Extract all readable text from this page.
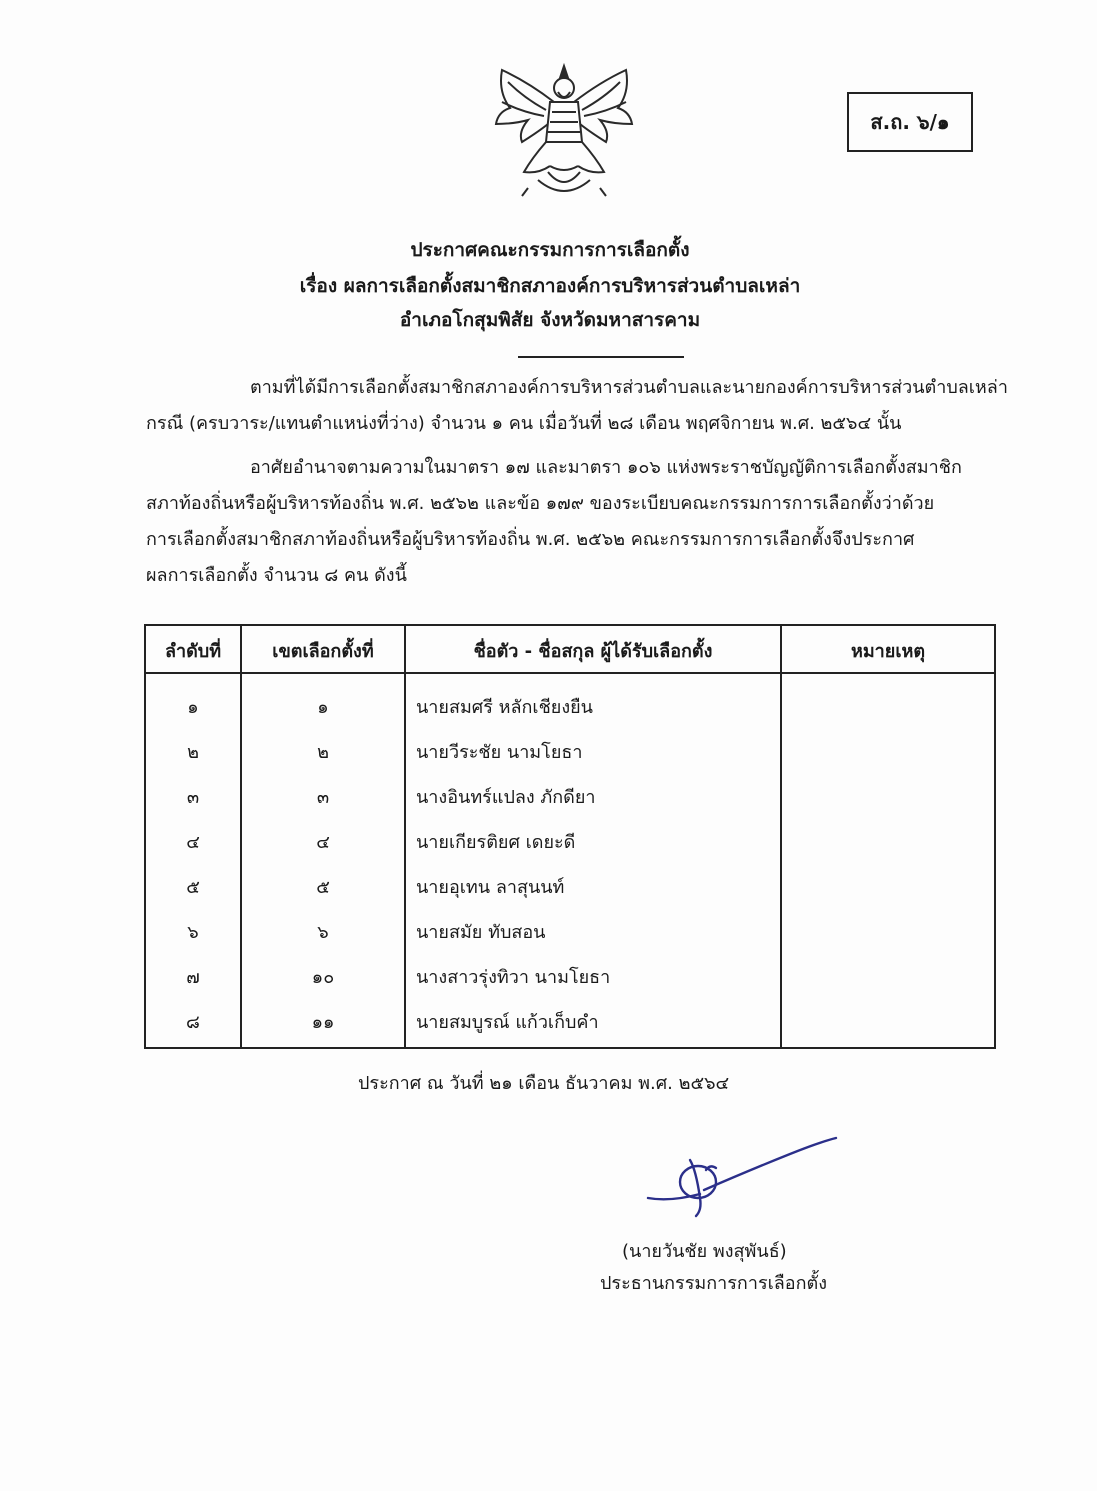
ส.ถ. ๖/๑
ประกาศคณะกรรมการการเลือกตั้ง
เรื่อง ผลการเลือกตั้งสมาชิกสภาองค์การบริหารส่วนตำบลเหล่า
อำเภอโกสุมพิสัย จังหวัดมหาสารคาม
ตามที่ได้มีการเลือกตั้งสมาชิกสภาองค์การบริหารส่วนตำบลและนายกองค์การบริหารส่วนตำบลเหล่า
กรณี (ครบวาระ/แทนตำแหน่งที่ว่าง) จำนวน ๑ คน เมื่อวันที่ ๒๘ เดือน พฤศจิกายน พ.ศ. ๒๕๖๔ นั้น
อาศัยอำนาจตามความในมาตรา ๑๗ และมาตรา ๑๐๖ แห่งพระราชบัญญัติการเลือกตั้งสมาชิก
สภาท้องถิ่นหรือผู้บริหารท้องถิ่น พ.ศ. ๒๕๖๒ และข้อ ๑๗๙ ของระเบียบคณะกรรมการการเลือกตั้งว่าด้วย
การเลือกตั้งสมาชิกสภาท้องถิ่นหรือผู้บริหารท้องถิ่น พ.ศ. ๒๕๖๒ คณะกรรมการการเลือกตั้งจึงประกาศ
ผลการเลือกตั้ง จำนวน ๘ คน ดังนี้
ลำดับที่	เขตเลือกตั้งที่	ชื่อตัว - ชื่อสกุล ผู้ได้รับเลือกตั้ง	หมายเหตุ
๑	๑	นายสมศรี หลักเชียงยืน
๒	๒	นายวีระชัย นามโยธา
๓	๓	นางอินทร์แปลง ภักดียา
๔	๔	นายเกียรติยศ เดยะดี
๕	๕	นายอุเทน ลาสุนนท์
๖	๖	นายสมัย ทับสอน
๗	๑๐	นางสาวรุ่งทิวา นามโยธา
๘	๑๑	นายสมบูรณ์ แก้วเก็บคำ
ประกาศ ณ วันที่ ๒๑ เดือน ธันวาคม พ.ศ. ๒๕๖๔
(นายวันชัย พงสุพันธ์)
ประธานกรรมการการเลือกตั้ง
